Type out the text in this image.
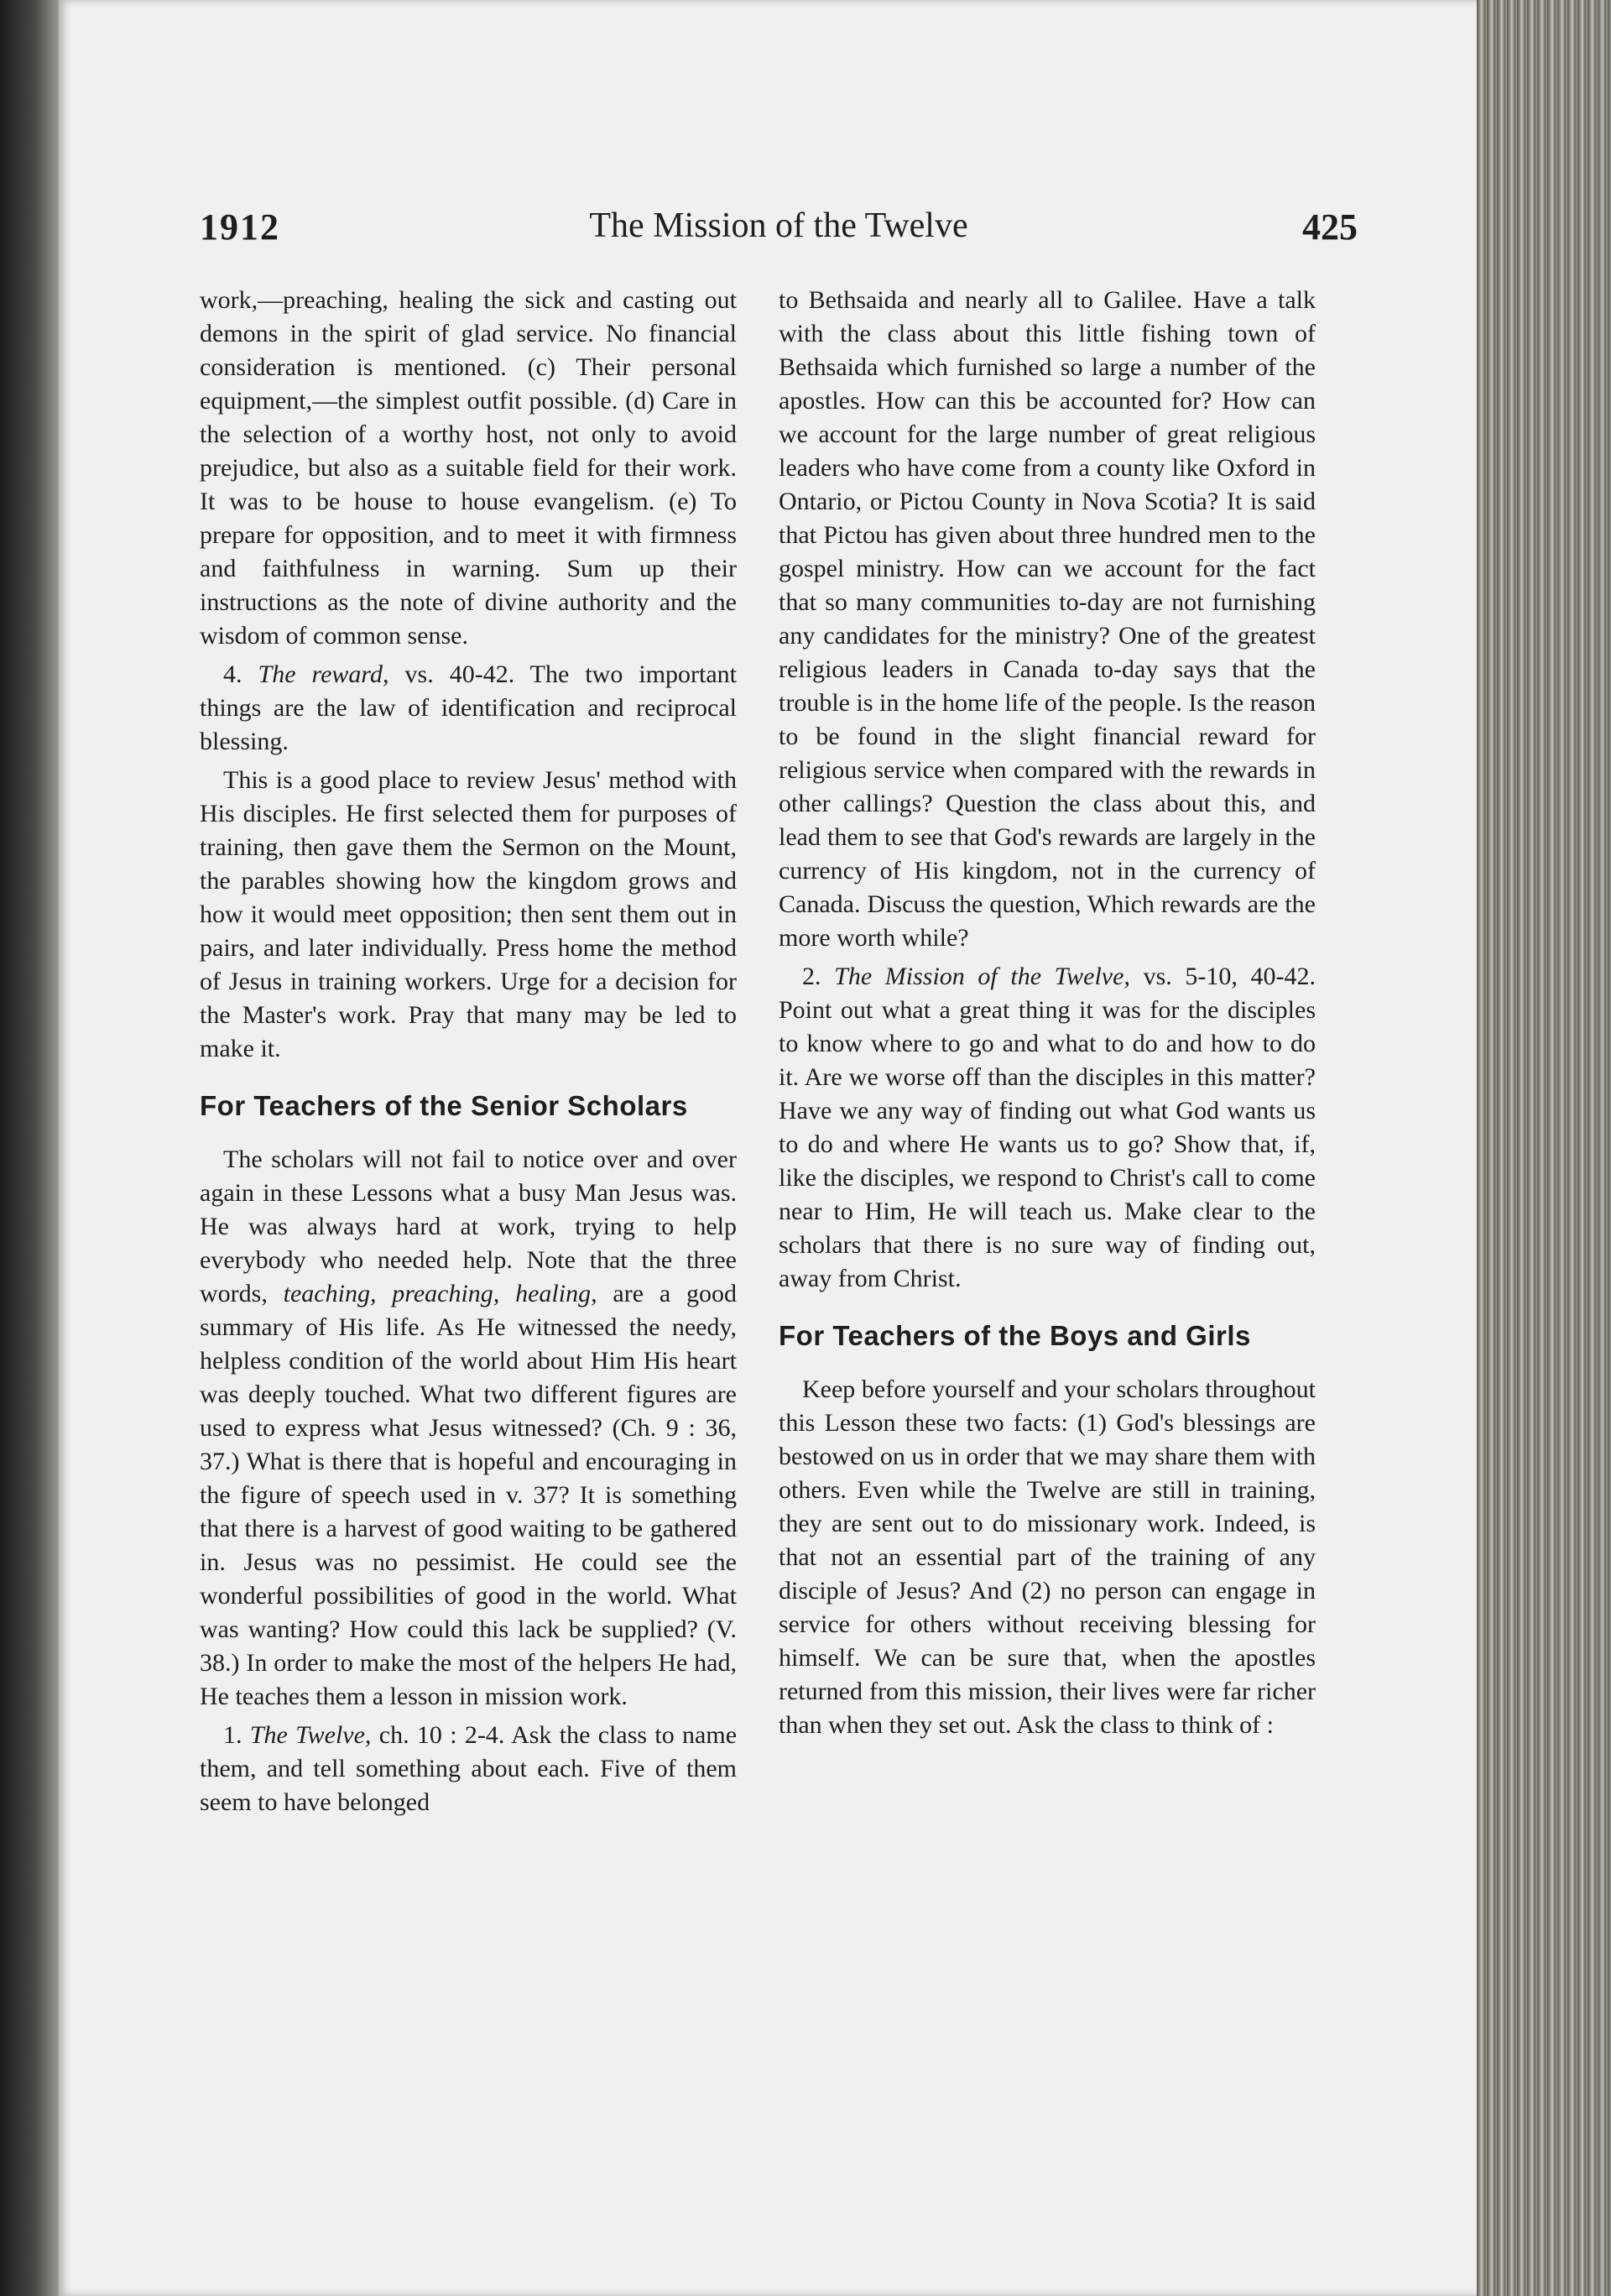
The Mission of the Twelve
1912	425

work,—preaching, healing the sick and casting out demons in the spirit of glad service. No financial consideration is mentioned. (c) Their personal equipment,—the simplest outfit possible. (d) Care in the selection of a worthy host, not only to avoid prejudice, but also as a suitable field for their work. It was to be house to house evangelism. (e) To prepare for opposition, and to meet it with firmness and faithfulness in warning. Sum up their instructions as the note of divine authority and the wisdom of common sense.

4. The reward, vs. 40-42. The two important things are the law of identification and reciprocal blessing.

This is a good place to review Jesus' method with His disciples. He first selected them for purposes of training, then gave them the Sermon on the Mount, the parables showing how the kingdom grows and how it would meet opposition; then sent them out in pairs, and later individually. Press home the method of Jesus in training workers. Urge for a decision for the Master's work. Pray that many may be led to make it.

For Teachers of the Senior Scholars

The scholars will not fail to notice over and over again in these Lessons what a busy Man Jesus was. He was always hard at work, trying to help everybody who needed help. Note that the three words, teaching, preaching, healing, are a good summary of His life. As He witnessed the needy, helpless condition of the world about Him His heart was deeply touched. What two different figures are used to express what Jesus witnessed? (Ch. 9 : 36, 37.) What is there that is hopeful and encouraging in the figure of speech used in v. 37? It is something that there is a harvest of good waiting to be gathered in. Jesus was no pessimist. He could see the wonderful possibilities of good in the world. What was wanting? How could this lack be supplied? (V. 38.) In order to make the most of the helpers He had, He teaches them a lesson in mission work.

1. The Twelve, ch. 10 : 2-4. Ask the class to name them, and tell something about each. Five of them seem to have belonged

to Bethsaida and nearly all to Galilee. Have a talk with the class about this little fishing town of Bethsaida which furnished so large a number of the apostles. How can this be accounted for? How can we account for the large number of great religious leaders who have come from a county like Oxford in Ontario, or Pictou County in Nova Scotia? It is said that Pictou has given about three hundred men to the gospel ministry. How can we account for the fact that so many communities to-day are not furnishing any candidates for the ministry? One of the greatest religious leaders in Canada to-day says that the trouble is in the home life of the people. Is the reason to be found in the slight financial reward for religious service when compared with the rewards in other callings? Question the class about this, and lead them to see that God's rewards are largely in the currency of His kingdom, not in the currency of Canada. Discuss the question, Which rewards are the more worth while?

2. The Mission of the Twelve, vs. 5-10, 40-42. Point out what a great thing it was for the disciples to know where to go and what to do and how to do it. Are we worse off than the disciples in this matter? Have we any way of finding out what God wants us to do and where He wants us to go? Show that, if, like the disciples, we respond to Christ's call to come near to Him, He will teach us. Make clear to the scholars that there is no sure way of finding out, away from Christ.

For Teachers of the Boys and Girls

Keep before yourself and your scholars throughout this Lesson these two facts: (1) God's blessings are bestowed on us in order that we may share them with others. Even while the Twelve are still in training, they are sent out to do missionary work. Indeed, is that not an essential part of the training of any disciple of Jesus? And (2) no person can engage in service for others without receiving blessing for himself. We can be sure that, when the apostles returned from this mission, their lives were far richer than when they set out. Ask the class to think of :
